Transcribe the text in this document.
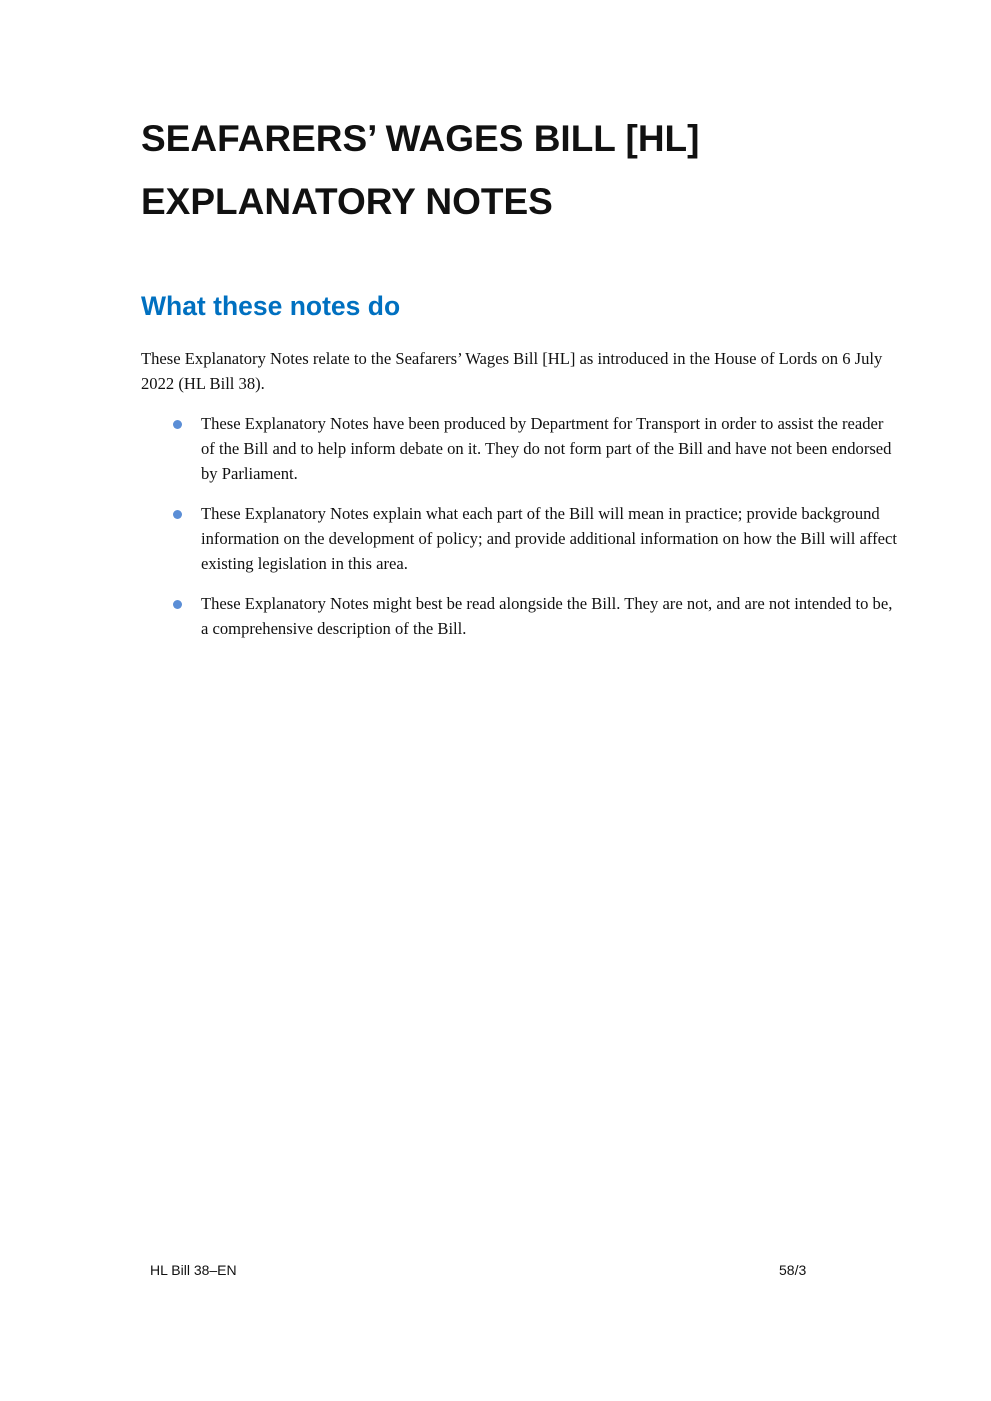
SEAFARERS’ WAGES BILL [HL]
EXPLANATORY NOTES
What these notes do

These Explanatory Notes relate to the Seafarers’ Wages Bill [HL] as introduced in the House of Lords on 6 July 2022 (HL Bill 38).

These Explanatory Notes have been produced by Department for Transport in order to assist the reader of the Bill and to help inform debate on it. They do not form part of the Bill and have not been endorsed by Parliament.
These Explanatory Notes explain what each part of the Bill will mean in practice; provide background information on the development of policy; and provide additional information on how the Bill will affect existing legislation in this area.
These Explanatory Notes might best be read alongside the Bill. They are not, and are not intended to be, a comprehensive description of the Bill.
HL Bill 38–EN	58/3
